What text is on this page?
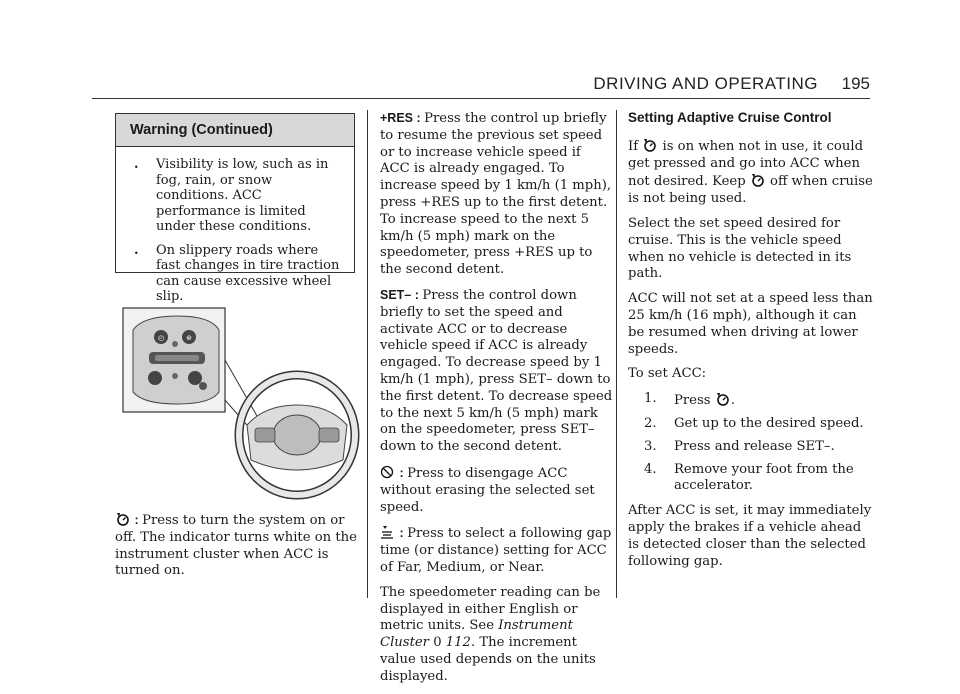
DRIVING AND OPERATING 195
Warning (Continued)
. Visibility is low, such as in fog, rain, or snow conditions. ACC performance is limited under these conditions.
. On slippery roads where fast changes in tire traction can cause excessive wheel slip.
◴	⊛
: Press to turn the system on or off. The indicator turns white on the instrument cluster when ACC is turned on.

+RES : Press the control up briefly to resume the previous set speed or to increase vehicle speed if ACC is already engaged. To increase speed by 1 km/h (1 mph), press +RES up to the first detent. To increase speed to the next 5 km/h (5 mph) mark on the speedometer, press +RES up to the second detent.

SET– : Press the control down briefly to set the speed and activate ACC or to decrease vehicle speed if ACC is already engaged. To decrease speed by 1 km/h (1 mph), press SET– down to the first detent. To decrease speed to the next 5 km/h (5 mph) mark on the speedometer, press SET– down to the second detent.

: Press to disengage ACC without erasing the selected set speed.

: Press to select a following gap time (or distance) setting for ACC of Far, Medium, or Near.

The speedometer reading can be displayed in either English or metric units. See Instrument Cluster 0 112. The increment value used depends on the units displayed.

Setting Adaptive Cruise Control

If  is on when not in use, it could get pressed and go into ACC when not desired. Keep  off when cruise is not being used.

Select the set speed desired for cruise. This is the vehicle speed when no vehicle is detected in its path.

ACC will not set at a speed less than 25 km/h (16 mph), although it can be resumed when driving at lower speeds.

To set ACC:

1. Press .
2. Get up to the desired speed.
3. Press and release SET–.
4. Remove your foot from the accelerator.

After ACC is set, it may immediately apply the brakes if a vehicle ahead is detected closer than the selected following gap.
